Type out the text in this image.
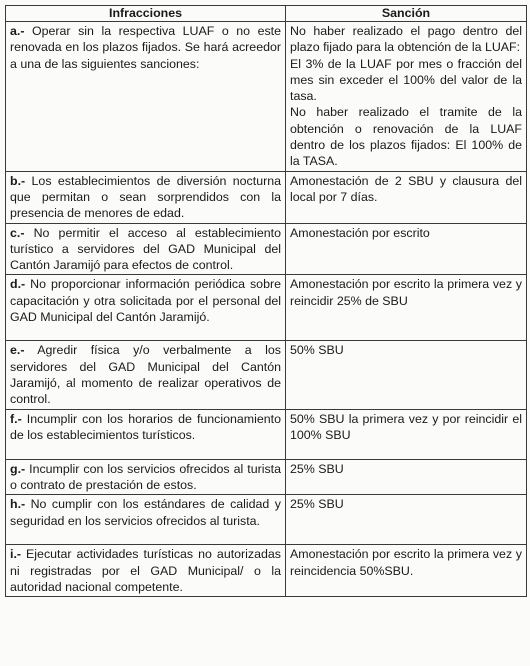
Infracciones	Sanción
a.- Operar sin la respectiva LUAF o no este renovada en los plazos fijados. Se hará acreedor a una de las siguientes sanciones:	No haber realizado el pago dentro del plazo fijado para la obtención de la LUAF:
El 3% de la LUAF por mes o fracción del mes sin exceder el 100% del valor de la tasa.
No haber realizado el tramite de la obtención o renovación de la LUAF dentro de los plazos fijados: El 100% de la TASA.

b.- Los establecimientos de diversión nocturna que permitan o sean sorprendidos con la presencia de menores de edad.	Amonestación de 2 SBU y clausura del local por 7 días.

c.- No permitir el acceso al establecimiento turístico a servidores del GAD Municipal del Cantón Jaramijó para efectos de control.	Amonestación por escrito

d.- No proporcionar información periódica sobre capacitación y otra solicitada por el personal del GAD Municipal del Cantón Jaramijó.	Amonestación por escrito la primera vez y reincidir 25% de SBU

e.- Agredir física y/o verbalmente a los servidores del GAD Municipal del Cantón Jaramijó, al momento de realizar operativos de control.	50% SBU

f.- Incumplir con los horarios de funcionamiento de los establecimientos turísticos.	50% SBU la primera vez y por reincidir el 100% SBU

g.- Incumplir con los servicios ofrecidos al turista o contrato de prestación de estos.	25% SBU

h.- No cumplir con los estándares de calidad y seguridad en los servicios ofrecidos al turista.	25% SBU

i.- Ejecutar actividades turísticas no autorizadas ni registradas por el GAD Municipal/ o la autoridad nacional competente.	Amonestación por escrito la primera vez y reincidencia 50%SBU.
